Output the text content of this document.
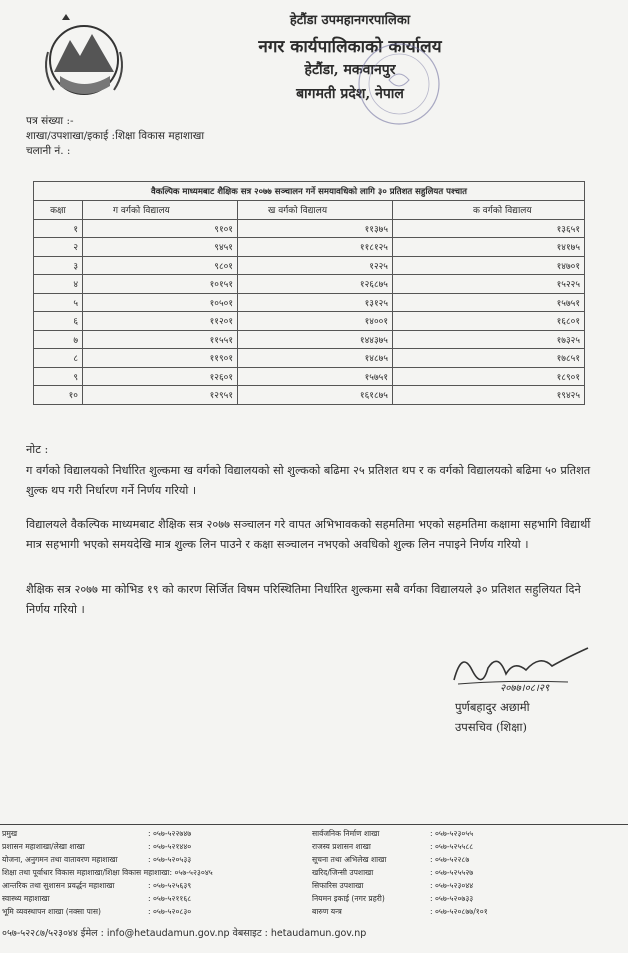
हेटौंडा उपमहानगरपालिका
नगर कार्यपालिकाको कार्यालय
हेटौंडा, मकवानपुर
बागमती प्रदेश, नेपाल
पत्र संख्या :-
शाखा/उपशाखा/इकाई :शिक्षा विकास महाशाखा
चलानी नं. :
वैकल्पिक माध्यमबाट शैक्षिक सत्र २०७७ सञ्चालन गर्ने समयावधिको लागि ३० प्रतिशत सहुलियत पश्चात			
कक्षा	ग वर्गको विद्यालय	ख वर्गको विद्यालय	क वर्गको विद्यालय
१	९१०१	११३७५	१३६५१
२	९४५१	११८१२५	१४१७५
३	९८०१	१२२५	१४७०१
४	१०१५१	१२६८७५	१५२२५
५	१०५०१	१३१२५	१५७५१
६	११२०१	१४००१	१६८०१
७	११५५१	१४४३७५	१७३२५
८	११९०१	१४८७५	१७८५१
९	१२६०१	१५७५१	१८९०१
१०	१२९५१	१६१८७५	१९४२५
नोट :
ग वर्गको विद्यालयको निर्धारित शुल्कमा ख वर्गको विद्यालयको सो शुल्कको बढिमा २५ प्रतिशत थप र क वर्गको विद्यालयको बढिमा ५० प्रतिशत शुल्क थप गरी निर्धारण गर्ने निर्णय गरियो ।
विद्यालयले वैकल्पिक माध्यमबाट शैक्षिक सत्र २०७७ सञ्चालन गरे वापत अभिभावकको सहमतिमा भएको सहमतिमा कक्षामा सहभागि विद्यार्थी मात्र सहभागी भएको समयदेखि मात्र शुल्क लिन पाउने र कक्षा सञ्चालन नभएको अवधिको शुल्क लिन नपाइने निर्णय गरियो ।
शैक्षिक सत्र २०७७ मा कोभिड १९ को कारण सिर्जित विषम परिस्थितिमा निर्धारित शुल्कमा सबै वर्गका विद्यालयले ३० प्रतिशत सहुलियत दिने निर्णय गरियो ।
२०७७।०८।२९
पुर्णबहादुर अछामी
उपसचिव (शिक्षा)
प्रमुख	: ०५७-५२२७४७
प्रशासन महाशाखा/लेखा शाखा	: ०५७-५२१४४०
योजना, अनुगमन तथा वातावरण महाशाखा	: ०५७-५२०५३३
शिक्षा तथा पूर्वाधार विकास महाशाखा/शिक्षा विकास महाशाखा: ०५७-५२३०४५
आन्तरिक तथा सुशासन प्रवर्द्धन महाशाखा	: ०५७-५२५६३९
स्वास्थ्य महाशाखा	: ०५७-५२११६८
भूमि व्यवस्थापन शाखा (नक्सा पास)	: ०५७-५२०८३०
सार्वजनिक निर्माण शाखा	: ०५७-५२३०५५
राजस्व प्रशासन शाखा	: ०५७-५२५५८८
सूचना तथा अभिलेख शाखा	: ०५७-५२२८७
खरिद/जिन्सी उपशाखा	: ०५७-५२५५२७
सिफारिस उपशाखा	: ०५७-५२३०४४
नियमन इकाई (नगर प्रहरी)	: ०५७-५२०७३३
बारुण यन्त्र	: ०५७-५२०८७७/१०१
०५७-५२२८७/५२३०४४ ईमेल : info@hetaudamun.gov.np वेबसाइट : hetaudamun.gov.np
